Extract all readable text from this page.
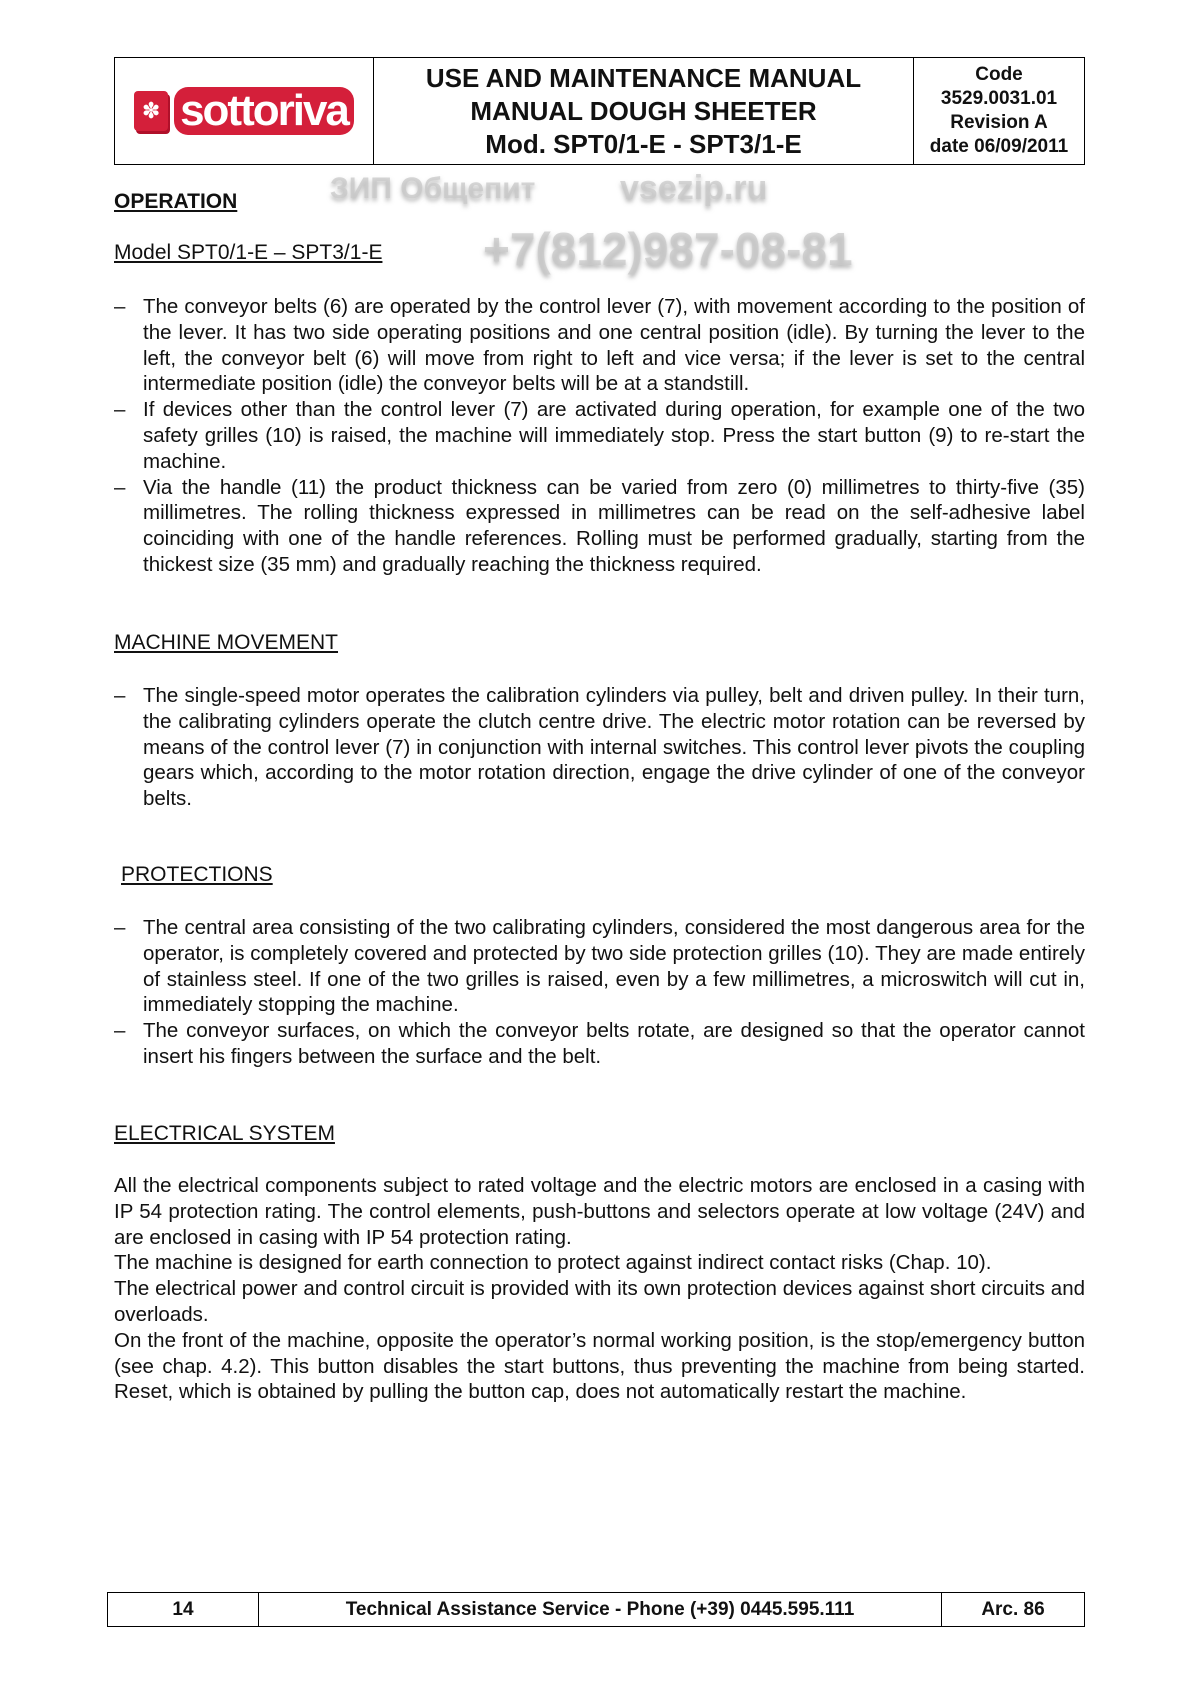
✽ sottoriva
USE AND MAINTENANCE MANUAL
MANUAL DOUGH SHEETER
Mod. SPT0/1-E - SPT3/1-E
Code
3529.0031.01
Revision A
date 06/09/2011
ЗИП Общепит vsezip.ru
+7(812)987-08-81
OPERATION
Model SPT0/1-E – SPT3/1-E
– The conveyor belts (6) are operated by the control lever (7), with movement according to the position of the lever. It has two side operating positions and one central position (idle). By turning the lever to the left, the conveyor belt (6) will move from right to left and vice versa; if the lever is set to the central intermediate position (idle) the conveyor belts will be at a standstill.
– If devices other than the control lever (7) are activated during operation, for example one of the two safety grilles (10) is raised, the machine will immediately stop. Press the start button (9) to re-start the machine.
– Via the handle (11) the product thickness can be varied from zero (0) millimetres to thirty-five (35) millimetres. The rolling thickness expressed in millimetres can be read on the self-adhesive label coinciding with one of the handle references. Rolling must be performed gradually, starting from the thickest size (35 mm) and gradually reaching the thickness required.
MACHINE MOVEMENT
– The single-speed motor operates the calibration cylinders via pulley, belt and driven pulley. In their turn, the calibrating cylinders operate the clutch centre drive. The electric motor rotation can be reversed by means of the control lever (7) in conjunction with internal switches. This control lever pivots the coupling gears which, according to the motor rotation direction, engage the drive cylinder of one of the conveyor belts.
PROTECTIONS
– The central area consisting of the two calibrating cylinders, considered the most dangerous area for the operator, is completely covered and protected by two side protection grilles (10). They are made entirely of stainless steel. If one of the two grilles is raised, even by a few millimetres, a microswitch will cut in, immediately stopping the machine.
– The conveyor surfaces, on which the conveyor belts rotate, are designed so that the operator cannot insert his fingers between the surface and the belt.
ELECTRICAL SYSTEM

All the electrical components subject to rated voltage and the electric motors are enclosed in a casing with IP 54 protection rating. The control elements, push-buttons and selectors operate at low voltage (24V) and are enclosed in casing with IP 54 protection rating.

The machine is designed for earth connection to protect against indirect contact risks (Chap. 10).

The electrical power and control circuit is provided with its own protection devices against short circuits and overloads.

On the front of the machine, opposite the operator’s normal working position, is the stop/emergency button (see chap. 4.2). This button disables the start buttons, thus preventing the machine from being started. Reset, which is obtained by pulling the button cap, does not automatically restart the machine.

14	Technical Assistance Service - Phone (+39) 0445.595.111	Arc. 86
